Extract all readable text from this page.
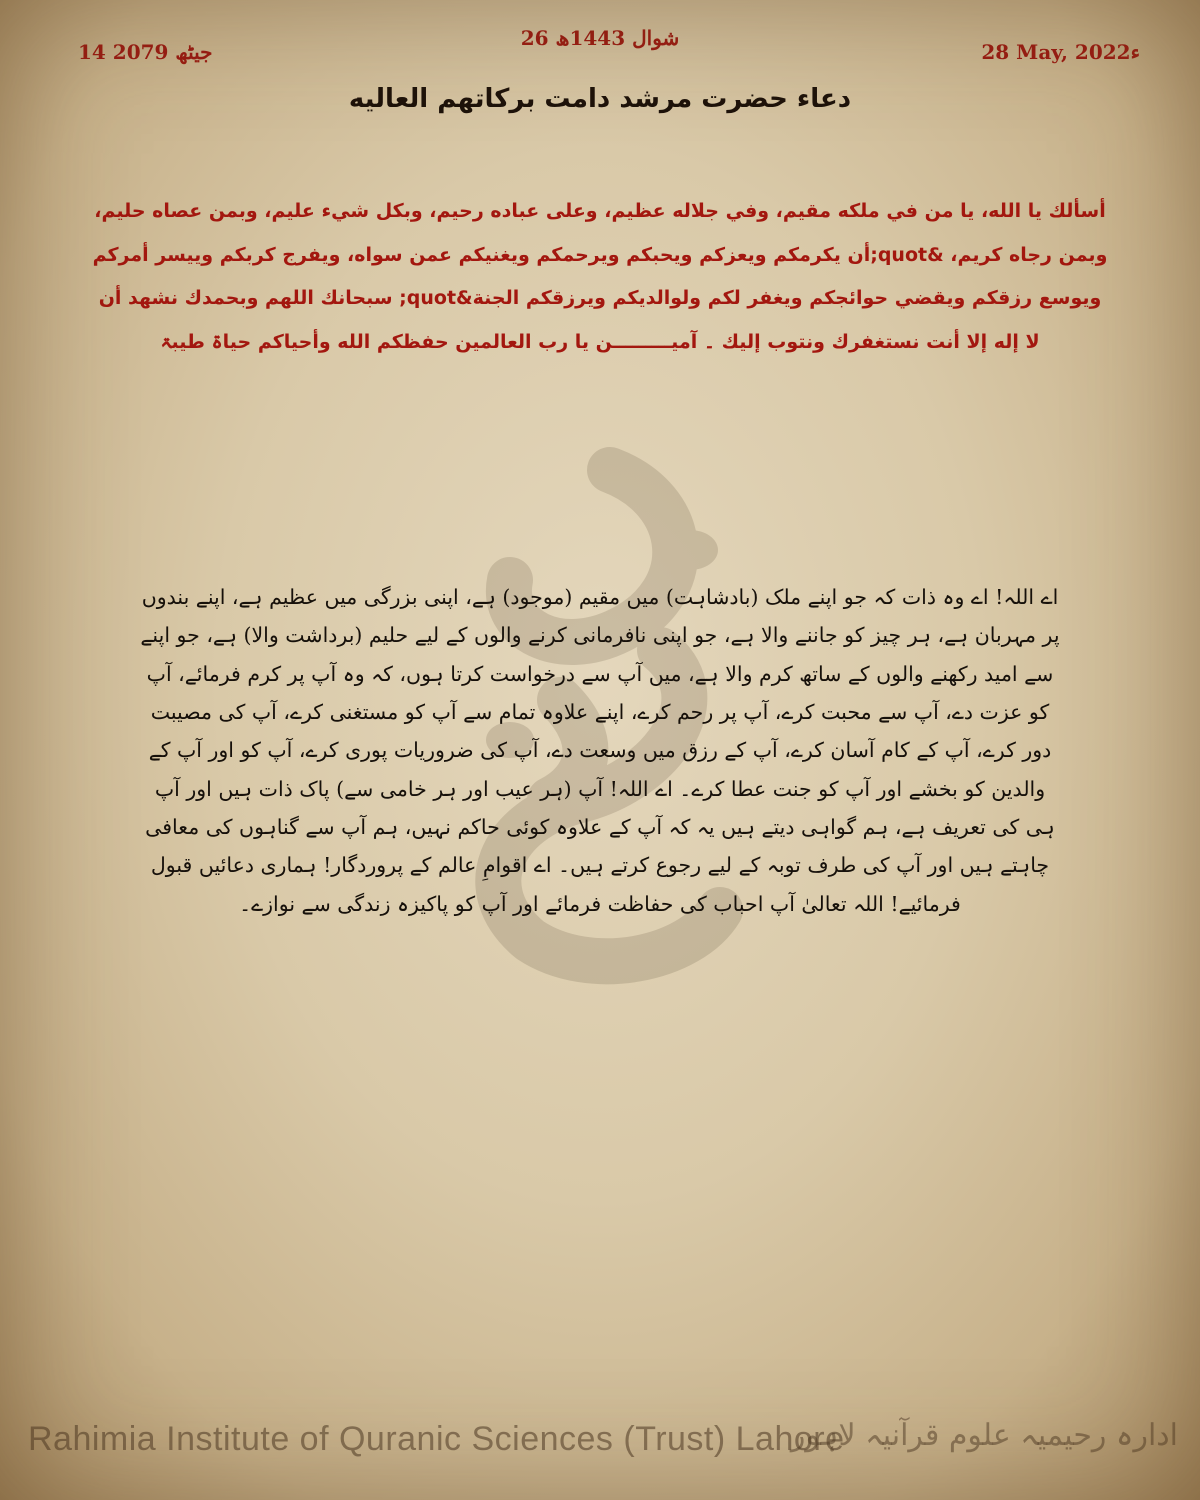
14 جیٹھ 2079
26 شوال 1443ھ
28 May, 2022ء
دعاء حضرت مرشد دامت برکاتهم العاليه
أسألك يا الله، يا من في ملكه مقيم، وفي جلاله عظيم، وعلى عباده رحيم، وبكل شيء عليم، وبمن عصاه حليم، وبمن رجاه كريم، &quot;أن يكرمكم ويعزكم ويحبكم ويرحمكم ويغنيكم عمن سواه، ويفرج كربكم وييسر أمركم ويوسع رزقكم ويقضي حوائجكم ويغفر لكم ولوالديكم ويرزقكم الجنة&quot; سبحانك اللهم وبحمدك نشهد أن لا إله إلا أنت نستغفرك ونتوب إليك ۔ آمیـــــــــن یا رب العالمین حفظکم الله وأحیاکم حیاۃ طیبۃ
اے اللہ! اے وہ ذات کہ جو اپنے ملک (بادشاہت) میں مقیم (موجود) ہے، اپنی بزرگی میں عظیم ہے، اپنے بندوں پر مہربان ہے، ہر چیز کو جاننے والا ہے، جو اپنی نافرمانی کرنے والوں کے لیے حلیم (برداشت والا) ہے، جو اپنے سے امید رکھنے والوں کے ساتھ کرم والا ہے، میں آپ سے درخواست کرتا ہوں، کہ وہ آپ پر کرم فرمائے، آپ کو عزت دے، آپ سے محبت کرے، آپ پر رحم کرے، اپنے علاوہ تمام سے آپ کو مستغنی کرے، آپ کی مصیبت دور کرے، آپ کے کام آسان کرے، آپ کے رزق میں وسعت دے، آپ کی ضروریات پوری کرے، آپ کو اور آپ کے والدین کو بخشے اور آپ کو جنت عطا کرے۔ اے اللہ! آپ (ہر عیب اور ہر خامی سے) پاک ذات ہیں اور آپ ہی کی تعریف ہے، ہم گواہی دیتے ہیں یہ کہ آپ کے علاوہ کوئی حاکم نہیں، ہم آپ سے گناہوں کی معافی چاہتے ہیں اور آپ کی طرف توبہ کے لیے رجوع کرتے ہیں۔ اے اقوامِ عالم کے پروردگار! ہماری دعائیں قبول فرمائیے! اللہ تعالیٰ آپ احباب کی حفاظت فرمائے اور آپ کو پاکیزہ زندگی سے نوازے۔
Rahimia Institute of Quranic Sciences (Trust) Lahore
ادارہ رحیمیہ علوم قرآنیہ لاہور
